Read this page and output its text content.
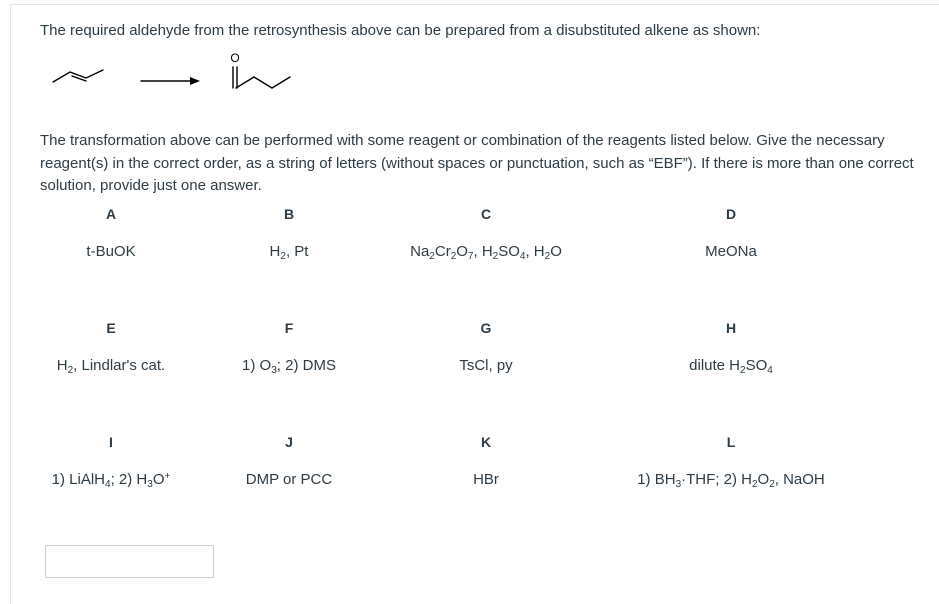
The required aldehyde from the retrosynthesis above can be prepared from a disubstituted alkene as shown:

O

The transformation above can be performed with some reagent or combination of the reagents listed below. Give the necessary reagent(s) in the correct order, as a string of letters (without spaces or punctuation, such as “EBF”). If there is more than one correct solution, provide just one answer.

A
t-BuOK
B
$H_2$, Pt
C
$Na_2Cr_2O_7$, $H_2SO_4$, $H_2O$
D
MeONa
E
$H_2$, Lindlar's cat.
F
1) $O_3$; 2) DMS
G
TsCl, py
H
dilute $H_2SO_4$
I
1) LiAlH$_4$; 2) $H_3O^+$
J
DMP or PCC
K
HBr
L
1) $BH_3\cdot THF$; 2) $H_2O_2$, NaOH
